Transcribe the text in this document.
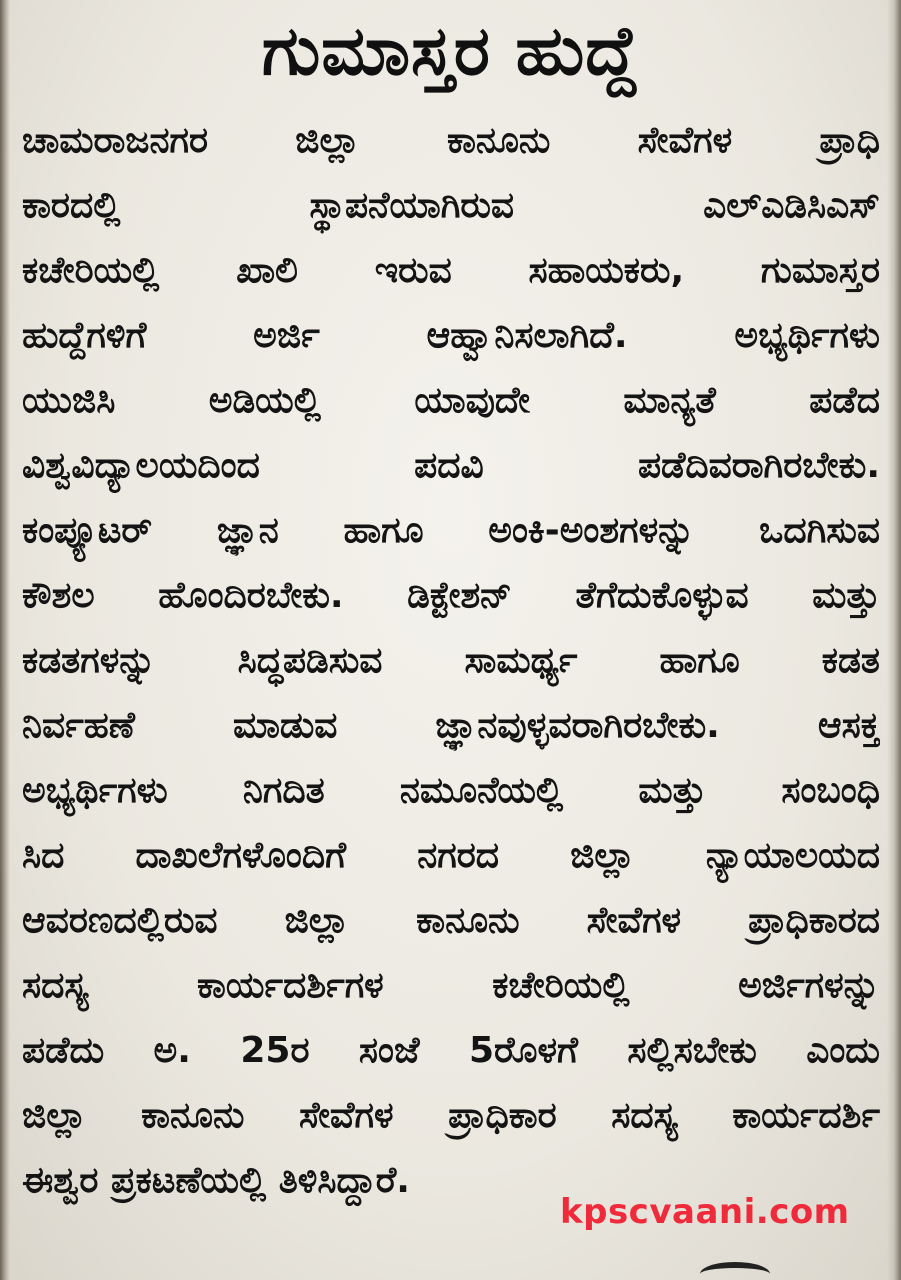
ಗುಮಾಸ್ತರ ಹುದ್ದೆ
ಚಾಮರಾಜನಗರ ಜಿಲ್ಲಾ ಕಾನೂನು ಸೇವೆಗಳ ಪ್ರಾಧಿ
ಕಾರದಲ್ಲಿ ಸ್ಥಾಪನೆಯಾಗಿರುವ ಎಲ್‌ಎಡಿಸಿಎಸ್
ಕಚೇರಿಯಲ್ಲಿ ಖಾಲಿ ಇರುವ ಸಹಾಯಕರು, ಗುಮಾಸ್ತರ
ಹುದ್ದೆಗಳಿಗೆ ಅರ್ಜಿ ಆಹ್ವಾನಿಸಲಾಗಿದೆ. ಅಭ್ಯರ್ಥಿಗಳು
ಯುಜಿಸಿ ಅಡಿಯಲ್ಲಿ ಯಾವುದೇ ಮಾನ್ಯತೆ ಪಡೆದ
ವಿಶ್ವವಿದ್ಯಾಲಯದಿಂದ ಪದವಿ ಪಡೆದಿವರಾಗಿರಬೇಕು.
ಕಂಪ್ಯೂಟರ್ ಜ್ಞಾನ ಹಾಗೂ ಅಂಕಿ-ಅಂಶಗಳನ್ನು ಒದಗಿಸುವ
ಕೌಶಲ ಹೊಂದಿರಬೇಕು. ಡಿಕ್ಟೇಶನ್ ತೆಗೆದುಕೊಳ್ಳುವ ಮತ್ತು
ಕಡತಗಳನ್ನು ಸಿದ್ಧಪಡಿಸುವ ಸಾಮರ್ಥ್ಯ ಹಾಗೂ ಕಡತ
ನಿರ್ವಹಣೆ ಮಾಡುವ ಜ್ಞಾನವುಳ್ಳವರಾಗಿರಬೇಕು. ಆಸಕ್ತ
ಅಭ್ಯರ್ಥಿಗಳು ನಿಗದಿತ ನಮೂನೆಯಲ್ಲಿ ಮತ್ತು ಸಂಬಂಧಿ
ಸಿದ ದಾಖಲೆಗಳೊಂದಿಗೆ ನಗರದ ಜಿಲ್ಲಾ ನ್ಯಾಯಾಲಯದ
ಆವರಣದಲ್ಲಿರುವ ಜಿಲ್ಲಾ ಕಾನೂನು ಸೇವೆಗಳ ಪ್ರಾಧಿಕಾರದ
ಸದಸ್ಯ ಕಾರ್ಯದರ್ಶಿಗಳ ಕಚೇರಿಯಲ್ಲಿ ಅರ್ಜಿಗಳನ್ನು
ಪಡೆದು ಅ. 25ರ ಸಂಜೆ 5ರೊಳಗೆ ಸಲ್ಲಿಸಬೇಕು ಎಂದು
ಜಿಲ್ಲಾ ಕಾನೂನು ಸೇವೆಗಳ ಪ್ರಾಧಿಕಾರ ಸದಸ್ಯ ಕಾರ್ಯದರ್ಶಿ
ಈಶ್ವರ ಪ್ರಕಟಣೆಯಲ್ಲಿ ತಿಳಿಸಿದ್ದಾರೆ.
kpscvaani.com
